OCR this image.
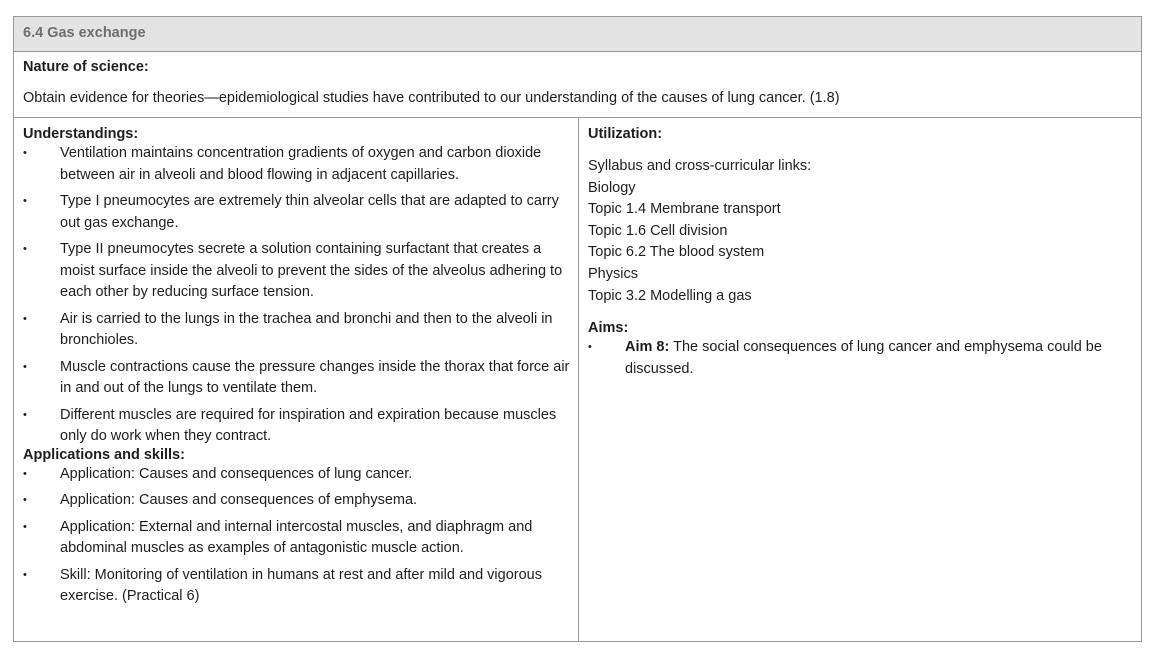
6.4 Gas exchange
Nature of science:
Obtain evidence for theories—epidemiological studies have contributed to our understanding of the causes of lung cancer. (1.8)
Understandings:
• Ventilation maintains concentration gradients of oxygen and carbon dioxide between air in alveoli and blood flowing in adjacent capillaries.
• Type I pneumocytes are extremely thin alveolar cells that are adapted to carry out gas exchange.
• Type II pneumocytes secrete a solution containing surfactant that creates a moist surface inside the alveoli to prevent the sides of the alveolus adhering to each other by reducing surface tension.
• Air is carried to the lungs in the trachea and bronchi and then to the alveoli in bronchioles.
• Muscle contractions cause the pressure changes inside the thorax that force air in and out of the lungs to ventilate them.
• Different muscles are required for inspiration and expiration because muscles only do work when they contract.
Applications and skills:
• Application: Causes and consequences of lung cancer.
• Application: Causes and consequences of emphysema.
• Application: External and internal intercostal muscles, and diaphragm and abdominal muscles as examples of antagonistic muscle action.
• Skill: Monitoring of ventilation in humans at rest and after mild and vigorous exercise. (Practical 6)
Utilization:
Syllabus and cross-curricular links:
Biology
Topic 1.4 Membrane transport
Topic 1.6 Cell division
Topic 6.2 The blood system
Physics
Topic 3.2 Modelling a gas
Aims:
• Aim 8: The social consequences of lung cancer and emphysema could be discussed.
